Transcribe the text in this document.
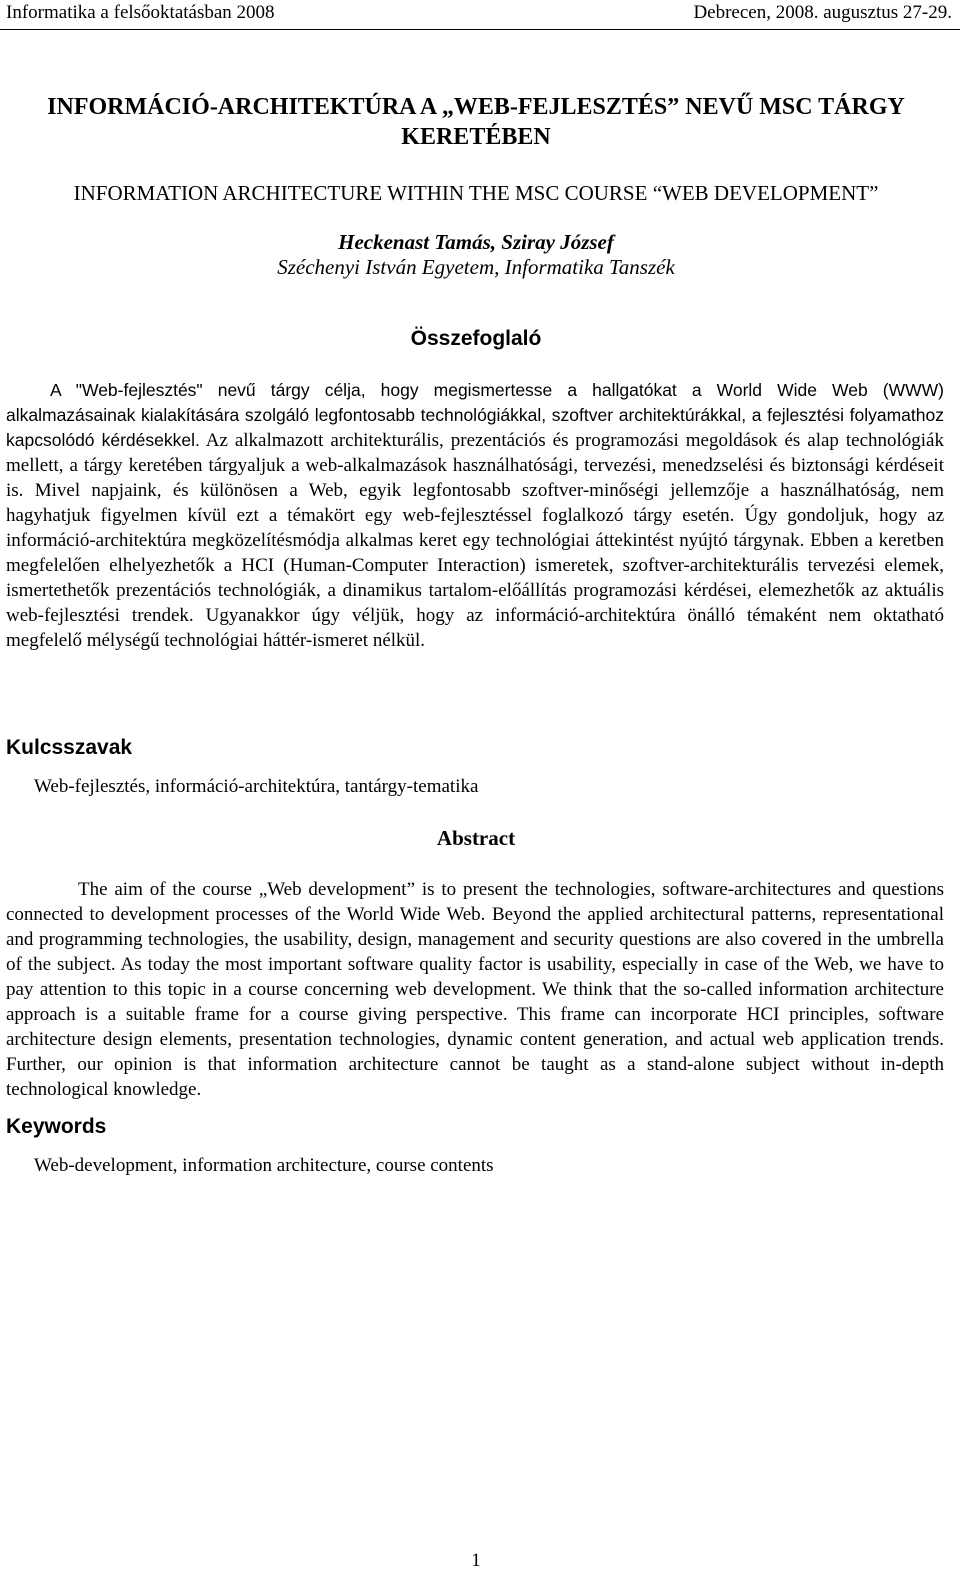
Informatika a felsőoktatásban 2008	Debrecen, 2008. augusztus 27-29.
INFORMÁCIÓ-ARCHITEKTÚRA A „WEB-FEJLESZTÉS” NEVŰ MSC TÁRGY
KERETÉBEN
INFORMATION ARCHITECTURE WITHIN THE MSC COURSE “WEB DEVELOPMENT”
Heckenast Tamás, Sziray József
Széchenyi István Egyetem, Informatika Tanszék
Összefoglaló
A "Web-fejlesztés" nevű tárgy célja, hogy megismertesse a hallgatókat a World Wide Web (WWW) alkalmazásainak kialakítására szolgáló legfontosabb technológiákkal, szoftver architektúrákkal, a fejlesztési folyamathoz kapcsolódó kérdésekkel. Az alkalmazott architekturális, prezentációs és programozási megoldások és alap technológiák mellett, a tárgy keretében tárgyaljuk a web-alkalmazások használhatósági, tervezési, menedzselési és biztonsági kérdéseit is. Mivel napjaink, és különösen a Web, egyik legfontosabb szoftver-minőségi jellemzője a használhatóság, nem hagyhatjuk figyelmen kívül ezt a témakört egy web-fejlesztéssel foglalkozó tárgy esetén. Úgy gondoljuk, hogy az információ-architektúra megközelítésmódja alkalmas keret egy technológiai áttekintést nyújtó tárgynak. Ebben a keretben megfelelően elhelyezhetők a HCI (Human-Computer Interaction) ismeretek, szoftver-architekturális tervezési elemek, ismertethetők prezentációs technológiák, a dinamikus tartalom-előállítás programozási kérdései, elemezhetők az aktuális web-fejlesztési trendek. Ugyanakkor úgy véljük, hogy az információ-architektúra önálló témaként nem oktatható megfelelő mélységű technológiai háttér-ismeret nélkül.
Kulcsszavak
Web-fejlesztés, információ-architektúra, tantárgy-tematika
Abstract
The aim of the course „Web development” is to present the technologies, software-architectures and questions connected to development processes of the World Wide Web. Beyond the applied architectural patterns, representational and programming technologies, the usability, design, management and security questions are also covered in the umbrella of the subject. As today the most important software quality factor is usability, especially in case of the Web, we have to pay attention to this topic in a course concerning web development. We think that the so-called information architecture approach is a suitable frame for a course giving perspective. This frame can incorporate HCI principles, software architecture design elements, presentation technologies, dynamic content generation, and actual web application trends. Further, our opinion is that information architecture cannot be taught as a stand-alone subject without in-depth technological knowledge.
Keywords
Web-development, information architecture, course contents
1
